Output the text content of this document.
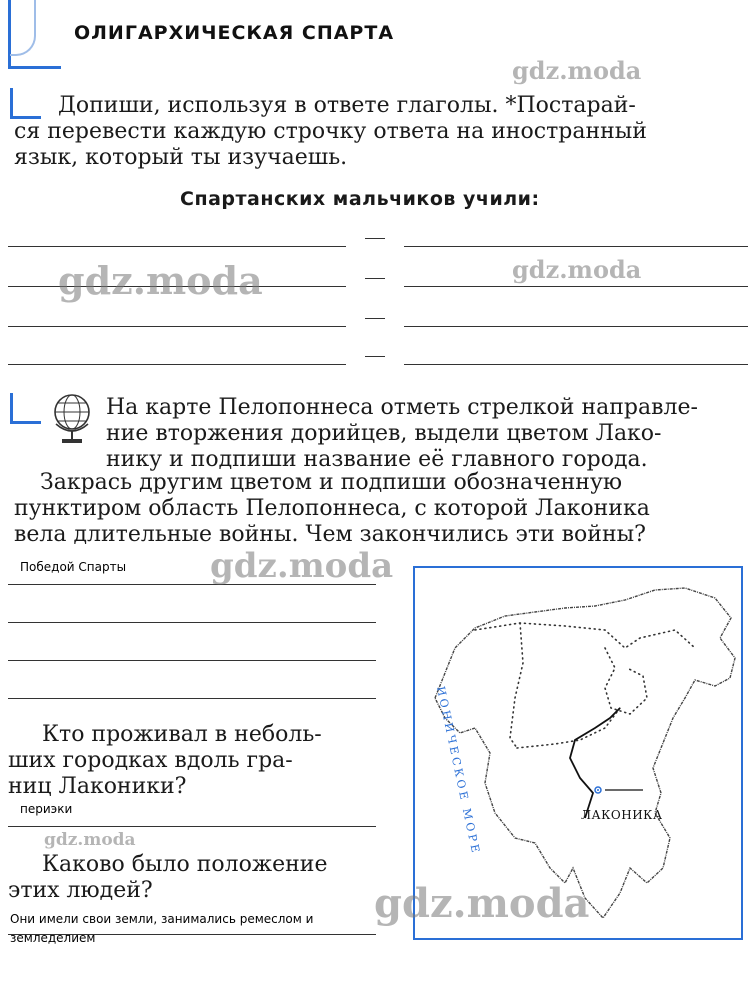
ОЛИГАРХИЧЕСКАЯ СПАРТА
Допиши, используя в ответе глаголы. *Постарай-
ся перевести каждую строчку ответа на иностранный
язык, который ты изучаешь.
Спартанских мальчиков учили:
На карте Пелопоннеса отметь стрелкой направле-
ние вторжения дорийцев, выдели цветом Лако-
нику и подпиши название её главного города.
Закрась другим цветом и подпиши обозначенную
пунктиром область Пелопоннеса, с которой Лаконика
вела длительные войны. Чем закончились эти войны?
Победой Спарты
Кто проживал в неболь-
ших городках вдоль гра-
ниц Лаконики?
периэки
Каково было положение
этих людей?
Они имели свои земли, занимались ремеслом и
земледелием
ИОНИЧЕСКОЕ МОРЕ	ЛАКОНИКА
gdz.moda
gdz.moda	gdz.moda
gdz.moda
gdz.moda
gdz.moda
